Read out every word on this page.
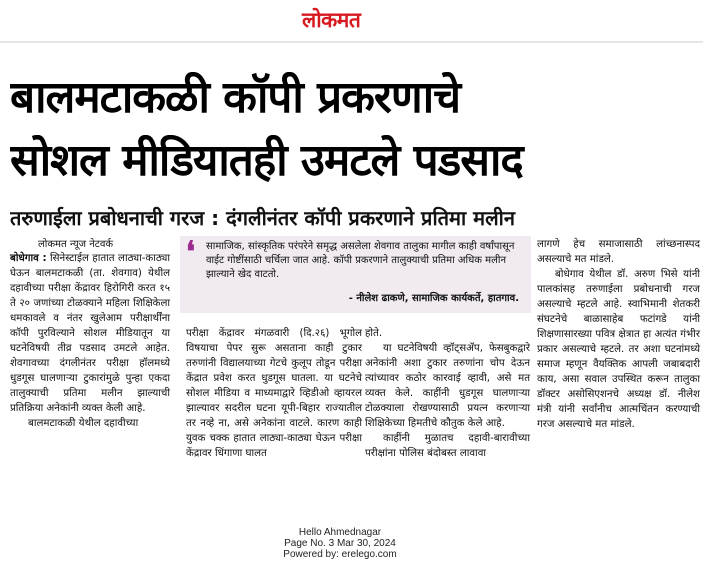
लोकमत
बालमटाकळी कॉपी प्रकरणाचे
सोशल मीडियातही उमटले पडसाद
तरुणाईला प्रबोधनाची गरज : दंगलीनंतर कॉपी प्रकरणाने प्रतिमा मलीन
लोकमत न्यूज नेटवर्क

बोधेगाव : सिनेस्टाईल हातात लाठ्या-काठ्या घेऊन बालमटाकळी (ता. शेवगाव) येथील दहावीच्या परीक्षा केंद्रावर हिरोगिरी करत १५ ते २० जणांच्या टोळक्याने महिला शिक्षिकेला धमकावले व नंतर खुलेआम परीक्षार्थींना कॉपी पुरविल्याने सोशल मीडियातून या घटनेविषयी तीव्र पडसाद उमटले आहेत. शेवगावच्या दंगलीनंतर परीक्षा हॉलमध्ये धुडगूस घालणाऱ्या टुकारांमुळे पुन्हा एकदा तालुक्याची प्रतिमा मलीन झाल्याची प्रतिक्रिया अनेकांनी व्यक्त केली आहे.

बालमटाकळी येथील दहावीच्या

❛ सामाजिक, सांस्कृतिक परंपरेने समृद्ध असलेला शेवगाव तालुका मागील काही वर्षांपासून वाईट गोष्टींसाठी चर्चिला जात आहे. कॉपी प्रकरणाने तालुक्याची प्रतिमा अधिक मलीन झाल्याने खेद वाटतो.
- नीलेश ढाकणे, सामाजिक कार्यकर्ते, हातगाव.

परीक्षा केंद्रावर मंगळवारी (दि.२६) भूगोल विषयाचा पेपर सुरू असताना काही टुकार तरुणांनी विद्यालयाच्या गेटचे कुलूप तोडून परीक्षा केंद्रात प्रवेश करत धुडगूस घातला. या घटनेचे सोशल मीडिया व माध्यमाद्वारे व्हिडीओ व्हायरल झाल्यावर सदरील घटना यूपी-बिहार राज्यातील तर नव्हे ना, असे अनेकांना वाटले. कारण काही युवक चक्क हातात लाठ्या-काठ्या घेऊन परीक्षा केंद्रावर धिंगाणा घालत

होते.

या घटनेविषयी व्हॉट्सॲप, फेसबुकद्वारे अनेकांनी अशा टुकार तरुणांना चोप देऊन त्यांच्यावर कठोर कारवाई व्हावी, असे मत व्यक्त केले. काहींनी धुडगूस घालणाऱ्या टोळक्याला रोखण्यासाठी प्रयत्न करणाऱ्या शिक्षिकेच्या हिमतीचे कौतुक केले आहे.

काहींनी मुळातच दहावी-बारावीच्या परीक्षांना पोलिस बंदोबस्त लावावा

लागणे हेच समाजासाठी लांच्छनास्पद असल्याचे मत मांडले.

बोधेगाव येथील डॉ. अरुण भिसे यांनी पालकांसह तरुणाईला प्रबोधनाची गरज असल्याचे म्हटले आहे. स्वाभिमानी शेतकरी संघटनेचे बाळासाहेब फटांगडे यांनी शिक्षणासारख्या पवित्र क्षेत्रात हा अत्यंत गंभीर प्रकार असल्याचे म्हटले. तर अशा घटनांमध्ये समाज म्हणून वैयक्तिक आपली जबाबदारी काय, असा सवाल उपस्थित करून तालुका डॉक्टर असोसिएशनचे अध्यक्ष डॉ. नीलेश मंत्री यांनी सर्वांनीच आत्मचिंतन करण्याची गरज असल्याचे मत मांडले.

Hello Ahmednagar
Page No. 3 Mar 30, 2024
Powered by: erelego.com
